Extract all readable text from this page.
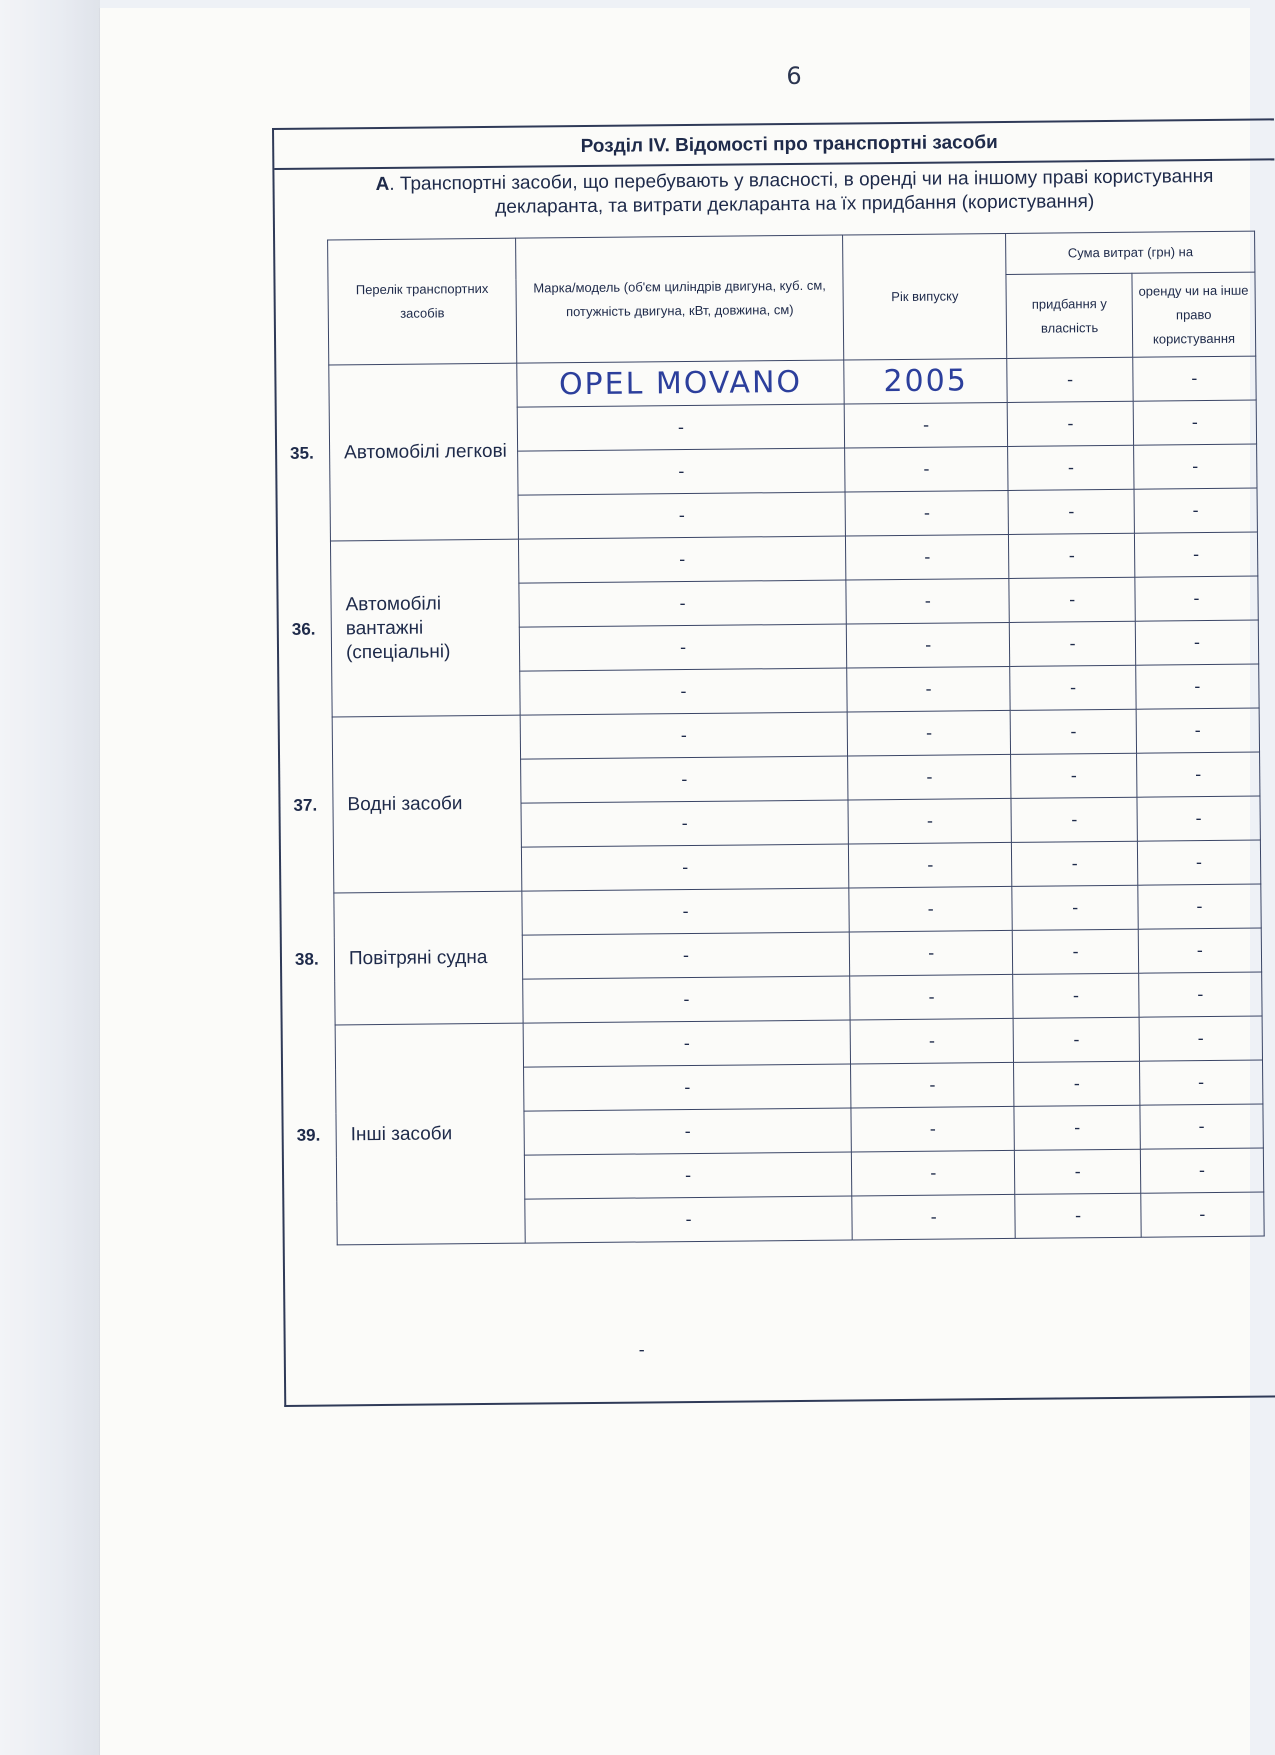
6
Розділ IV. Відомості про транспортні засоби
А. Транспортні засоби, що перебувають у власності, в оренді чи на іншому праві користування декларанта, та витрати декларанта на їх придбання (користування)
Перелік транспортних засобів	Марка/модель (об'єм циліндрів двигуна, куб. см, потужність двигуна, кВт, довжина, см)	Рік випуску	Сума витрат (грн) на	
			придбання у власність	оренду чи на інше право користування

35. Автомобілі легкові	OPEL MOVANO	2005	-	-
	-	-	-	-
	-	-	-	-
	-	-	-	-

36.
Автомобілі вантажні (спеціальні)	-	-	-	-
	-	-	-	-
	-	-	-	-
	-	-	-	-

37. Водні засоби	-	-	-	-
	-	-	-	-
	-	-	-	-
	-	-	-	-

38. Повітряні судна	-	-	-	-
	-	-	-	-
	-	-	-	-

39. Інші засоби	-	-	-	-
	-	-	-	-
	-	-	-	-
	-	-	-	-
	-	-	-	-
-
